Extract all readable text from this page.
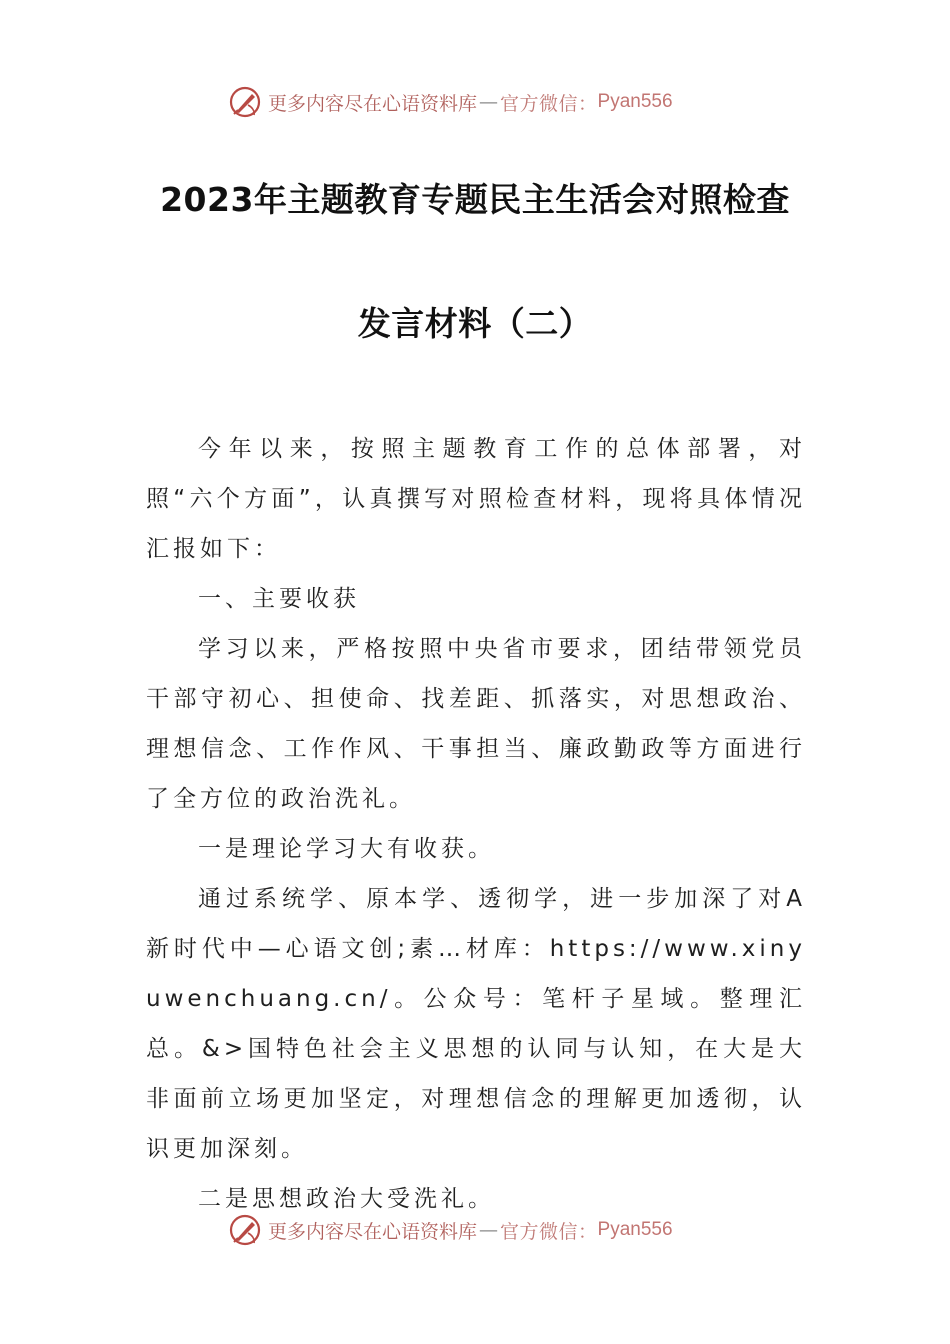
更多内容尽在心语资料库 — 官方微信： Pyan556
2023年主题教育专题民主生活会对照检查
发言材料（二）

今年以来，按照主题教育工作的总体部署，对照“六个方面”，认真撰写对照检查材料，现将具体情况汇报如下：

一、主要收获

学习以来，严格按照中央省市要求，团结带领党员干部守初心、担使命、找差距、抓落实，对思想政治、理想信念、工作作风、干事担当、廉政勤政等方面进行了全方位的政治洗礼。

一是理论学习大有收获。

通过系统学、原本学、透彻学，进一步加深了对A新时代中—心语文创;素…材库：https://www.xinyuwenchuang.cn/。公众号：笔杆子星域。整理汇总。&>国特色社会主义思想的认同与认知，在大是大非面前立场更加坚定，对理想信念的理解更加透彻，认识更加深刻。

二是思想政治大受洗礼。

更多内容尽在心语资料库 — 官方微信： Pyan556
